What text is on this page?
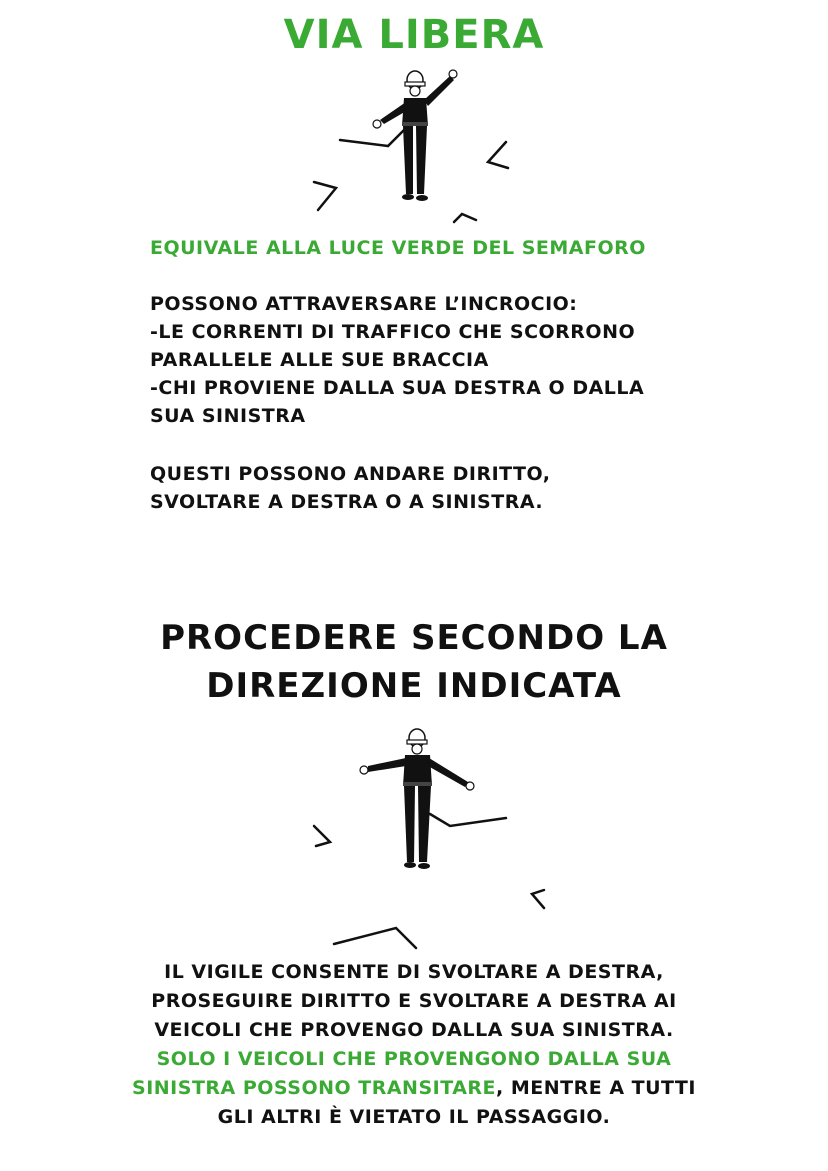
VIA LIBERA
EQUIVALE ALLA LUCE VERDE DEL SEMAFORO

POSSONO ATTRAVERSARE L’INCROCIO:

-LE CORRENTI DI TRAFFICO CHE SCORRONO

PARALLELE ALLE SUE BRACCIA

-CHI PROVIENE DALLA SUA DESTRA O DALLA

SUA SINISTRA

QUESTI POSSONO ANDARE DIRITTO,

SVOLTARE A DESTRA O A SINISTRA.

PROCEDERE SECONDO LA
DIREZIONE INDICATA
IL VIGILE CONSENTE DI SVOLTARE A DESTRA,
PROSEGUIRE DIRITTO E SVOLTARE A DESTRA AI
VEICOLI CHE PROVENGO DALLA SUA SINISTRA.
SOLO I VEICOLI CHE PROVENGONO DALLA SUA
SINISTRA POSSONO TRANSITARE, MENTRE A TUTTI
GLI ALTRI È VIETATO IL PASSAGGIO.
